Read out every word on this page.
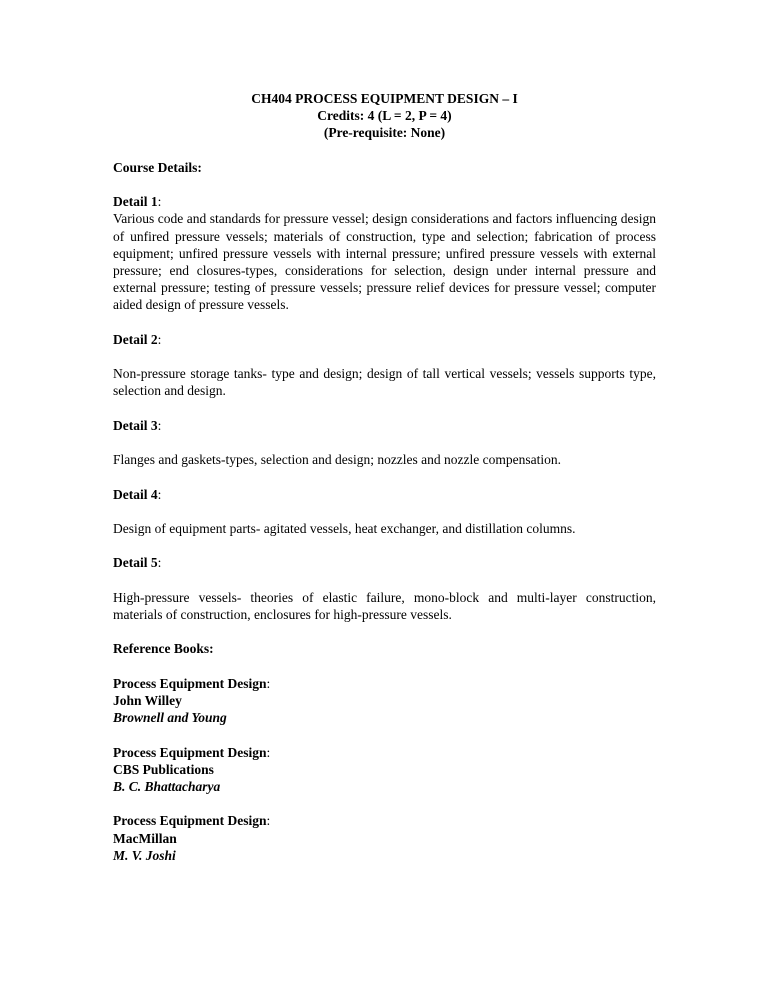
CH404 PROCESS EQUIPMENT DESIGN – I
Credits: 4 (L = 2, P = 4)
(Pre-requisite: None)
Course Details:
Detail 1:

Various code and standards for pressure vessel; design considerations and factors influencing design of unfired pressure vessels; materials of construction, type and selection; fabrication of process equipment; unfired pressure vessels with internal pressure; unfired pressure vessels with external pressure; end closures-types, considerations for selection, design under internal pressure and external pressure; testing of pressure vessels; pressure relief devices for pressure vessel; computer aided design of pressure vessels.

Detail 2:

Non-pressure storage tanks- type and design; design of tall vertical vessels; vessels supports type, selection and design.

Detail 3:

Flanges and gaskets-types, selection and design; nozzles and nozzle compensation.

Detail 4:

Design of equipment parts- agitated vessels, heat exchanger, and distillation columns.

Detail 5:

High-pressure vessels- theories of elastic failure, mono-block and multi-layer construction, materials of construction, enclosures for high-pressure vessels.

Reference Books:
Process Equipment Design:
John Willey
Brownell and Young
Process Equipment Design:
CBS Publications
B. C. Bhattacharya
Process Equipment Design:
MacMillan
M. V. Joshi
